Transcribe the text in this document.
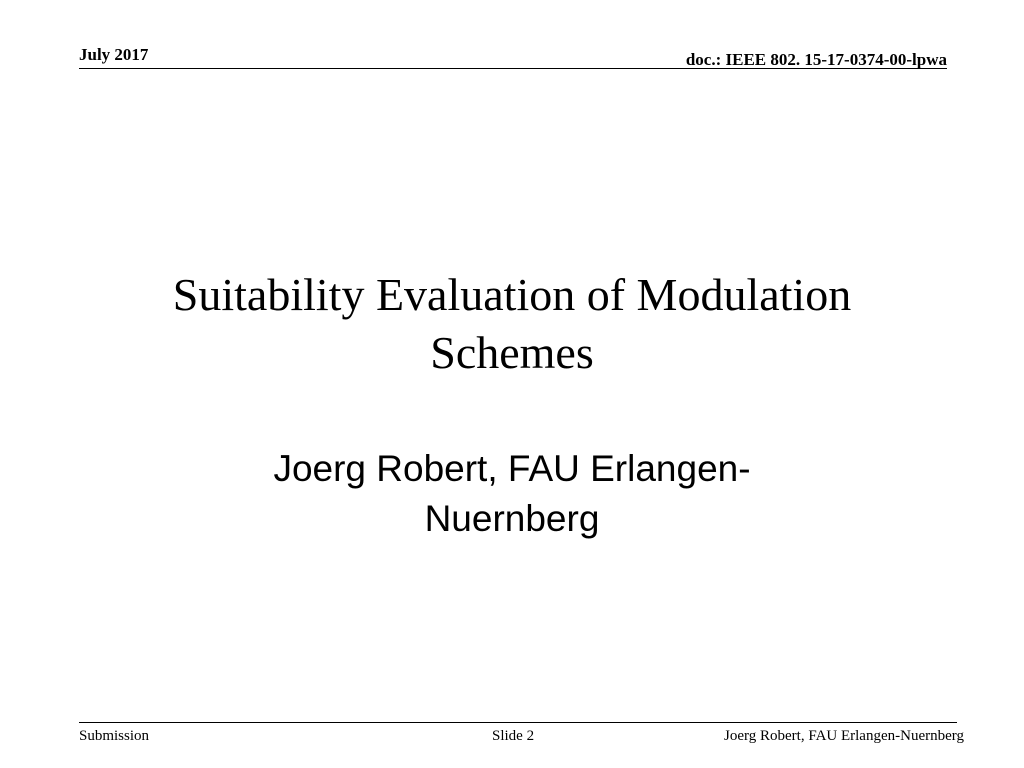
July 2017	doc.: IEEE 802. 15-17-0374-00-lpwa
Suitability Evaluation of Modulation
Schemes
Joerg Robert, FAU Erlangen-
Nuernberg
Submission	Slide 2	Joerg Robert, FAU Erlangen-Nuernberg
